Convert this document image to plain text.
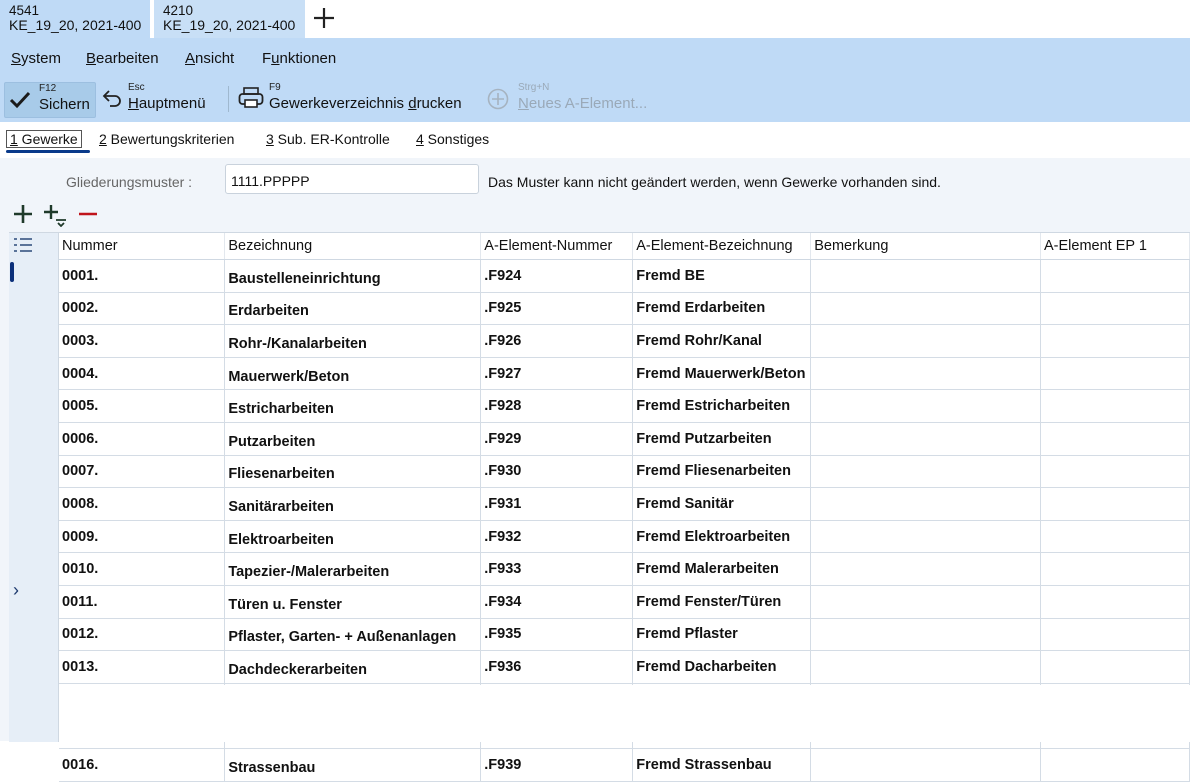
4541
KE_19_20, 2021-400
4210
KE_19_20, 2021-400
System Bearbeiten Ansicht Funktionen
F12
Sichern
Esc
Hauptmenü
F9
Gewerkeverzeichnis drucken
Strg+N
Neues A-Element...
1 Gewerke 2 Bewertungskriterien 3 Sub. ER-Kontrolle 4 Sonstiges
Gliederungsmuster :	1111.PPPPP	Das Muster kann nicht geändert werden, wenn Gewerke vorhanden sind.
›
Nummer	Bezeichnung	A-Element-Nummer	A-Element-Bezeichnung	Bemerkung	A-Element EP 1
0001.	Baustelleneinrichtung	.F924	Fremd BE		
0002.	Erdarbeiten	.F925	Fremd Erdarbeiten		
0003.	Rohr-/Kanalarbeiten	.F926	Fremd Rohr/Kanal		
0004.	Mauerwerk/Beton	.F927	Fremd Mauerwerk/Beton		
0005.	Estricharbeiten	.F928	Fremd Estricharbeiten		
0006.	Putzarbeiten	.F929	Fremd Putzarbeiten		
0007.	Fliesenarbeiten	.F930	Fremd Fliesenarbeiten		
0008.	Sanitärarbeiten	.F931	Fremd Sanitär		
0009.	Elektroarbeiten	.F932	Fremd Elektroarbeiten		
0010.	Tapezier-/Malerarbeiten	.F933	Fremd Malerarbeiten		
0011.	Türen u. Fenster	.F934	Fremd Fenster/Türen		
0012.	Pflaster, Garten- + Außenanlagen	.F935	Fremd Pflaster		
0013.	Dachdeckerarbeiten	.F936	Fremd Dacharbeiten		

0016.	Strassenbau	.F939	Fremd Strassenbau		
